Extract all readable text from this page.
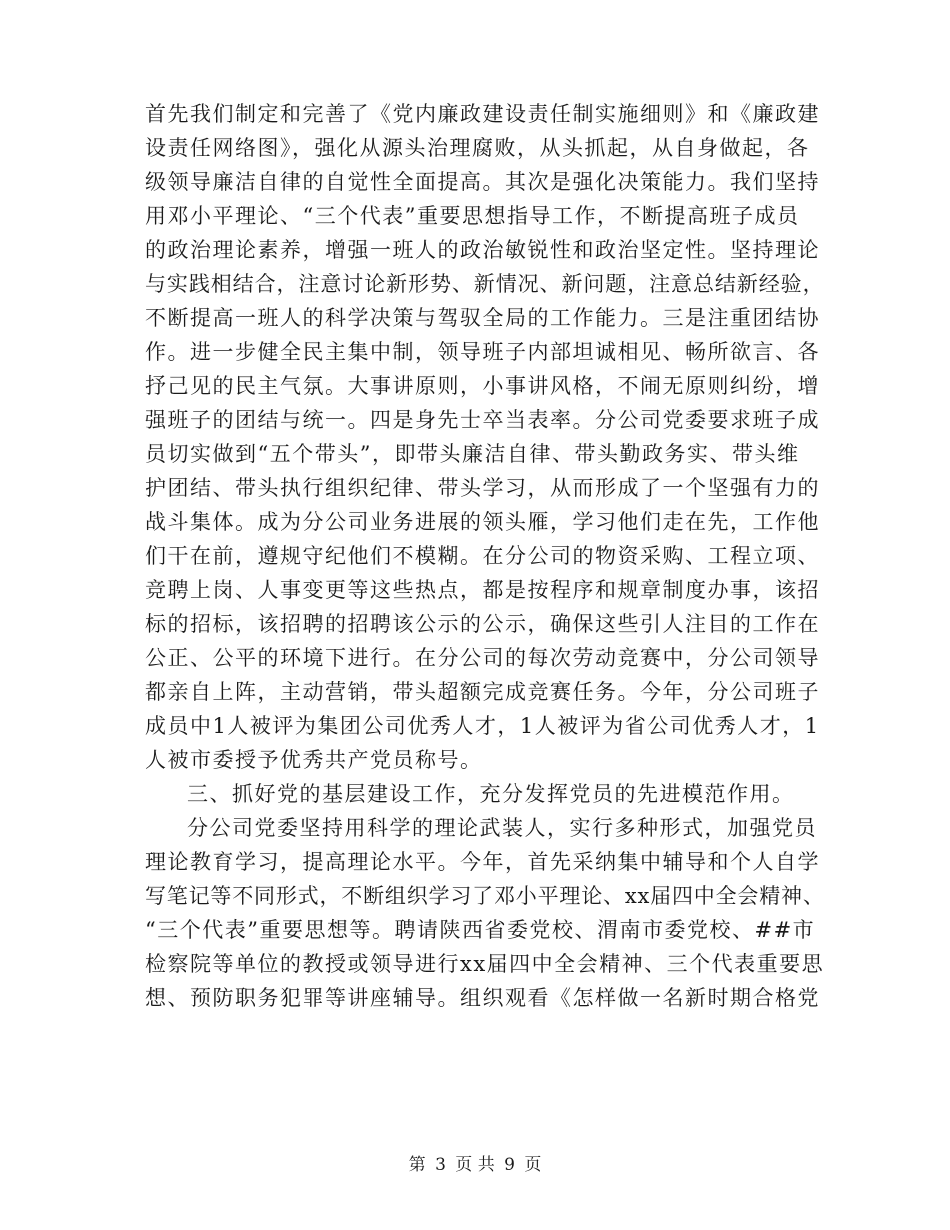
首先我们制定和完善了《党内廉政建设责任制实施细则》和《廉政建
设责任网络图》，强化从源头治理腐败，从头抓起，从自身做起，各
级领导廉洁自律的自觉性全面提高。其次是强化决策能力。我们坚持
用邓小平理论、“三个代表”重要思想指导工作，不断提高班子成员
的政治理论素养，增强一班人的政治敏锐性和政治坚定性。坚持理论
与实践相结合，注意讨论新形势、新情况、新问题，注意总结新经验，
不断提高一班人的科学决策与驾驭全局的工作能力。三是注重团结协
作。进一步健全民主集中制，领导班子内部坦诚相见、畅所欲言、各
抒己见的民主气氛。大事讲原则，小事讲风格，不闹无原则纠纷，增
强班子的团结与统一。四是身先士卒当表率。分公司党委要求班子成
员切实做到“五个带头”，即带头廉洁自律、带头勤政务实、带头维
护团结、带头执行组织纪律、带头学习，从而形成了一个坚强有力的
战斗集体。成为分公司业务进展的领头雁，学习他们走在先，工作他
们干在前，遵规守纪他们不模糊。在分公司的物资采购、工程立项、
竞聘上岗、人事变更等这些热点，都是按程序和规章制度办事，该招
标的招标，该招聘的招聘该公示的公示，确保这些引人注目的工作在
公正、公平的环境下进行。在分公司的每次劳动竞赛中，分公司领导
都亲自上阵，主动营销，带头超额完成竞赛任务。今年，分公司班子
成员中1人被评为集团公司优秀人才，1人被评为省公司优秀人才，1
人被市委授予优秀共产党员称号。
三、抓好党的基层建设工作，充分发挥党员的先进模范作用。
分公司党委坚持用科学的理论武装人，实行多种形式，加强党员
理论教育学习，提高理论水平。今年，首先采纳集中辅导和个人自学
写笔记等不同形式，不断组织学习了邓小平理论、xx届四中全会精神、
“三个代表”重要思想等。聘请陕西省委党校、渭南市委党校、##市
检察院等单位的教授或领导进行xx届四中全会精神、三个代表重要思
想、预防职务犯罪等讲座辅导。组织观看《怎样做一名新时期合格党
第 3 页 共 9 页
